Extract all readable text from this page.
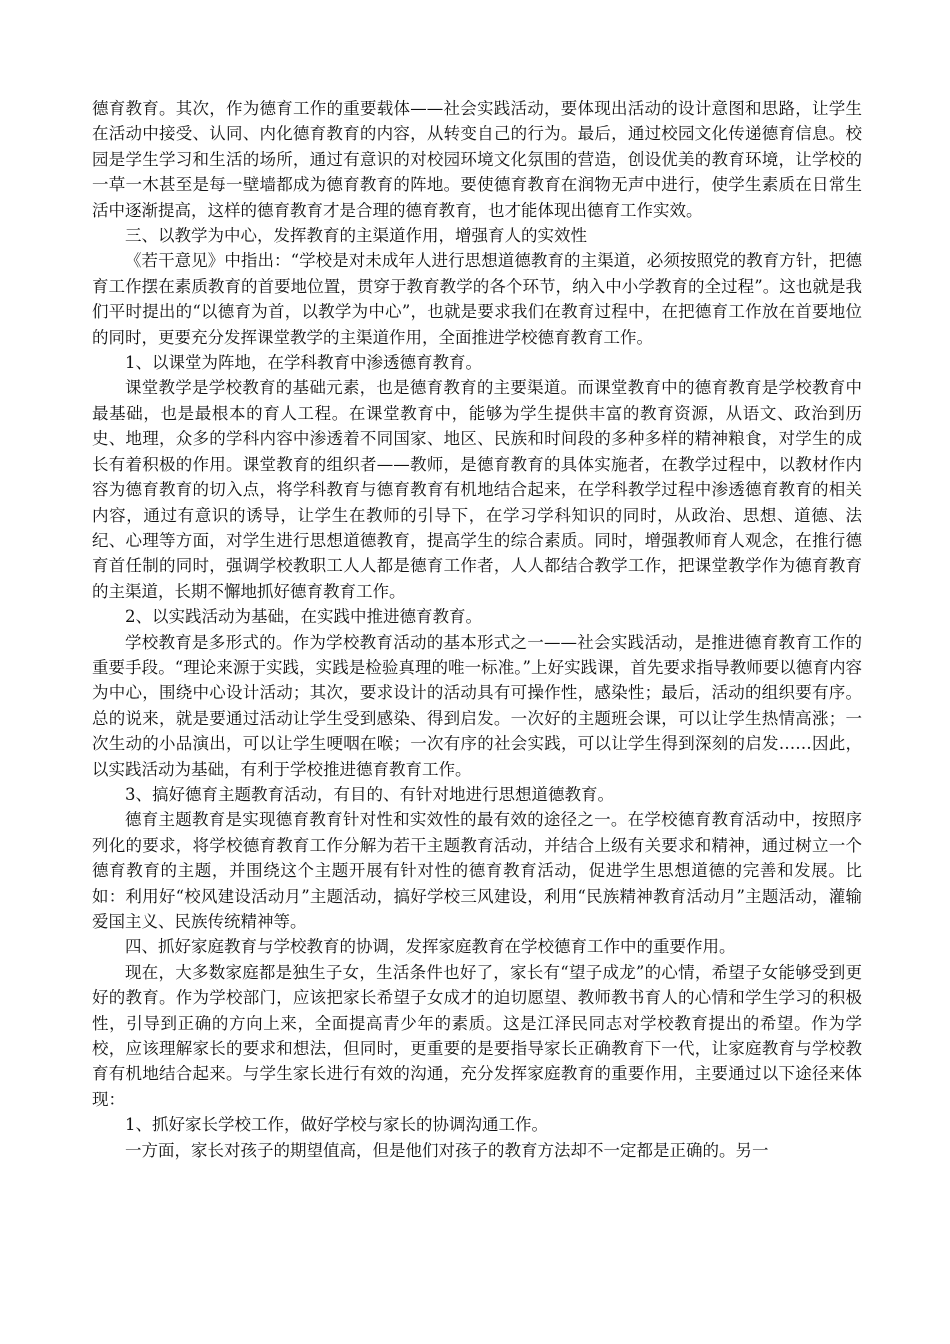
德育教育。其次，作为德育工作的重要载体——社会实践活动，要体现出活动的设计意图和思路，让学生在活动中接受、认同、内化德育教育的内容，从转变自己的行为。最后，通过校园文化传递德育信息。校园是学生学习和生活的场所，通过有意识的对校园环境文化氛围的营造，创设优美的教育环境，让学校的一草一木甚至是每一壁墙都成为德育教育的阵地。要使德育教育在润物无声中进行，使学生素质在日常生活中逐渐提高，这样的德育教育才是合理的德育教育，也才能体现出德育工作实效。

三、以教学为中心，发挥教育的主渠道作用，增强育人的实效性

《若干意见》中指出：“学校是对未成年人进行思想道德教育的主渠道，必须按照党的教育方针，把德育工作摆在素质教育的首要地位置，贯穿于教育教学的各个环节，纳入中小学教育的全过程”。这也就是我们平时提出的“以德育为首，以教学为中心”，也就是要求我们在教育过程中，在把德育工作放在首要地位的同时，更要充分发挥课堂教学的主渠道作用，全面推进学校德育教育工作。

1、以课堂为阵地，在学科教育中渗透德育教育。

课堂教学是学校教育的基础元素，也是德育教育的主要渠道。而课堂教育中的德育教育是学校教育中最基础，也是最根本的育人工程。在课堂教育中，能够为学生提供丰富的教育资源，从语文、政治到历史、地理，众多的学科内容中渗透着不同国家、地区、民族和时间段的多种多样的精神粮食，对学生的成长有着积极的作用。课堂教育的组织者——教师，是德育教育的具体实施者，在教学过程中，以教材作内容为德育教育的切入点，将学科教育与德育教育有机地结合起来，在学科教学过程中渗透德育教育的相关内容，通过有意识的诱导，让学生在教师的引导下，在学习学科知识的同时，从政治、思想、道德、法纪、心理等方面，对学生进行思想道德教育，提高学生的综合素质。同时，增强教师育人观念，在推行德育首任制的同时，强调学校教职工人人都是德育工作者，人人都结合教学工作，把课堂教学作为德育教育的主渠道，长期不懈地抓好德育教育工作。

2、以实践活动为基础，在实践中推进德育教育。

学校教育是多形式的。作为学校教育活动的基本形式之一——社会实践活动，是推进德育教育工作的重要手段。“理论来源于实践，实践是检验真理的唯一标准。”上好实践课，首先要求指导教师要以德育内容为中心，围绕中心设计活动；其次，要求设计的活动具有可操作性，感染性；最后，活动的组织要有序。总的说来，就是要通过活动让学生受到感染、得到启发。一次好的主题班会课，可以让学生热情高涨；一次生动的小品演出，可以让学生哽咽在喉；一次有序的社会实践，可以让学生得到深刻的启发……因此，以实践活动为基础，有利于学校推进德育教育工作。

3、搞好德育主题教育活动，有目的、有针对地进行思想道德教育。

德育主题教育是实现德育教育针对性和实效性的最有效的途径之一。在学校德育教育活动中，按照序列化的要求，将学校德育教育工作分解为若干主题教育活动，并结合上级有关要求和精神，通过树立一个德育教育的主题，并围绕这个主题开展有针对性的德育教育活动，促进学生思想道德的完善和发展。比如：利用好“校风建设活动月”主题活动，搞好学校三风建设，利用“民族精神教育活动月”主题活动，灌输爱国主义、民族传统精神等。

四、抓好家庭教育与学校教育的协调，发挥家庭教育在学校德育工作中的重要作用。

现在，大多数家庭都是独生子女，生活条件也好了，家长有“望子成龙”的心情，希望子女能够受到更好的教育。作为学校部门，应该把家长希望子女成才的迫切愿望、教师教书育人的心情和学生学习的积极性，引导到正确的方向上来，全面提高青少年的素质。这是江泽民同志对学校教育提出的希望。作为学校，应该理解家长的要求和想法，但同时，更重要的是要指导家长正确教育下一代，让家庭教育与学校教育有机地结合起来。与学生家长进行有效的沟通，充分发挥家庭教育的重要作用，主要通过以下途径来体现：

1、抓好家长学校工作，做好学校与家长的协调沟通工作。

一方面，家长对孩子的期望值高，但是他们对孩子的教育方法却不一定都是正确的。另一
